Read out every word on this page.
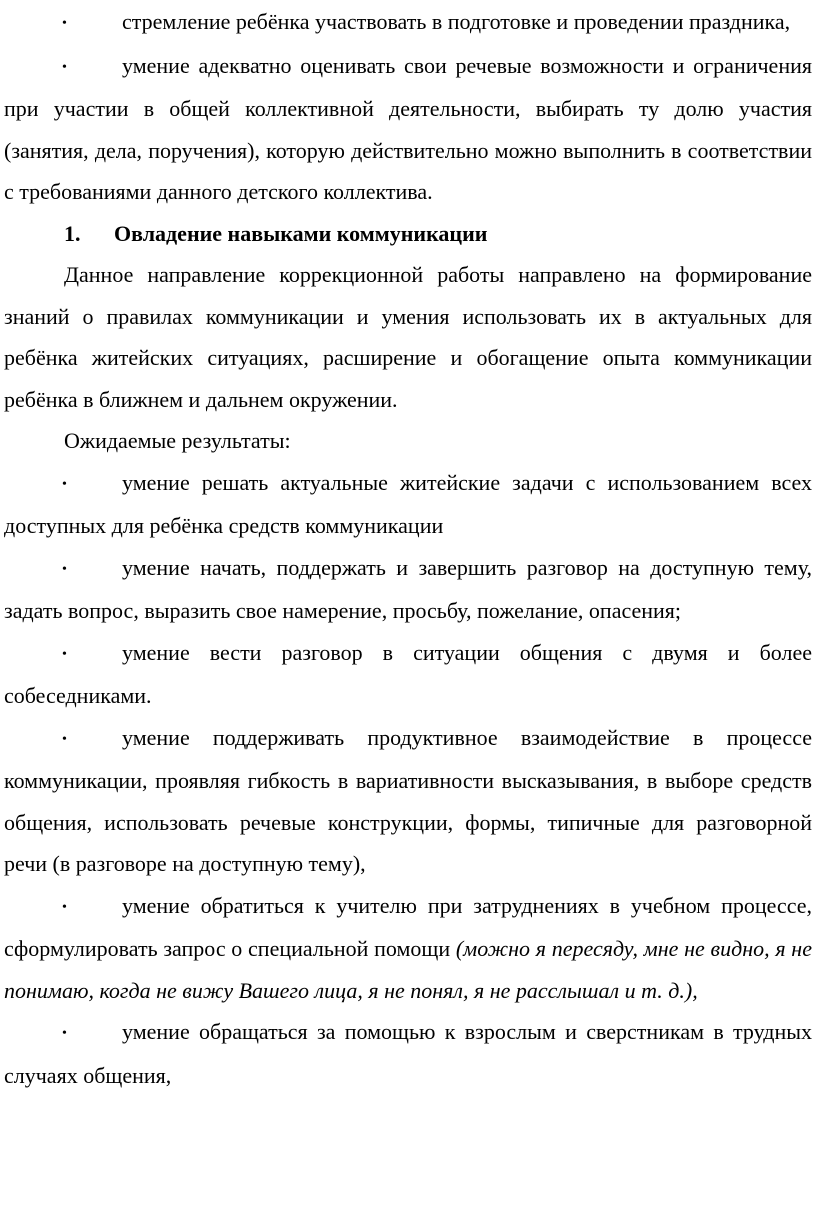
•	стремление ребёнка участвовать в подготовке и проведении праздника,

•	умение адекватно оценивать свои речевые возможности и ограничения при участии в общей коллективной деятельности, выбирать ту долю участия (занятия, дела, поручения), которую действительно можно выполнить в соответствии с требованиями данного детского коллектива.

1. Овладение навыками коммуникации

Данное направление коррекционной работы направлено на формирование знаний о правилах коммуникации и умения использовать их в актуальных для ребёнка житейских ситуациях, расширение и обогащение опыта коммуникации ребёнка в ближнем и дальнем окружении.

Ожидаемые результаты:

•	умение решать актуальные житейские задачи с использованием всех доступных для ребёнка средств коммуникации

•	умение начать, поддержать и завершить разговор на доступную тему, задать вопрос, выразить свое намерение, просьбу, пожелание, опасения;

•	умение вести разговор в ситуации общения с двумя и более собеседниками.

•	умение поддерживать продуктивное взаимодействие в процессе коммуникации, проявляя гибкость в вариативности высказывания, в выборе средств общения, использовать речевые конструкции, формы, типичные для разговорной речи (в разговоре на доступную тему),

•	умение обратиться к учителю при затруднениях в учебном процессе, сформулировать запрос о специальной помощи (можно я пересяду, мне не видно, я не понимаю, когда не вижу Вашего лица, я не понял, я не расслышал и т. д.),

•	умение обращаться за помощью к взрослым и сверстникам в трудных случаях общения,
